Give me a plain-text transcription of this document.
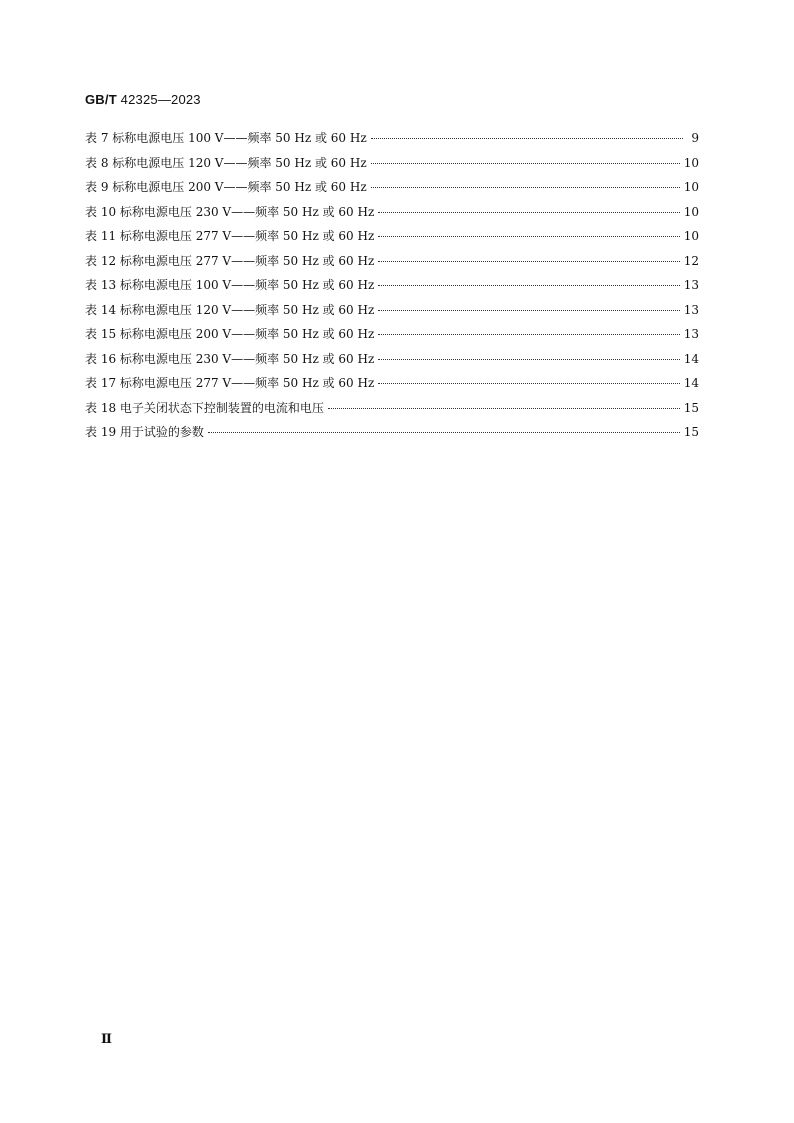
GB/T 42325—2023
表 7 标称电源电压 100 V——频率 50 Hz 或 60 Hz	9
表 8 标称电源电压 120 V——频率 50 Hz 或 60 Hz	10
表 9 标称电源电压 200 V——频率 50 Hz 或 60 Hz	10
表 10 标称电源电压 230 V——频率 50 Hz 或 60 Hz	10
表 11 标称电源电压 277 V——频率 50 Hz 或 60 Hz	10
表 12 标称电源电压 277 V——频率 50 Hz 或 60 Hz	12
表 13 标称电源电压 100 V——频率 50 Hz 或 60 Hz	13
表 14 标称电源电压 120 V——频率 50 Hz 或 60 Hz	13
表 15 标称电源电压 200 V——频率 50 Hz 或 60 Hz	13
表 16 标称电源电压 230 V——频率 50 Hz 或 60 Hz	14
表 17 标称电源电压 277 V——频率 50 Hz 或 60 Hz	14
表 18 电子关闭状态下控制装置的电流和电压	15
表 19 用于试验的参数	15
Ⅱ
